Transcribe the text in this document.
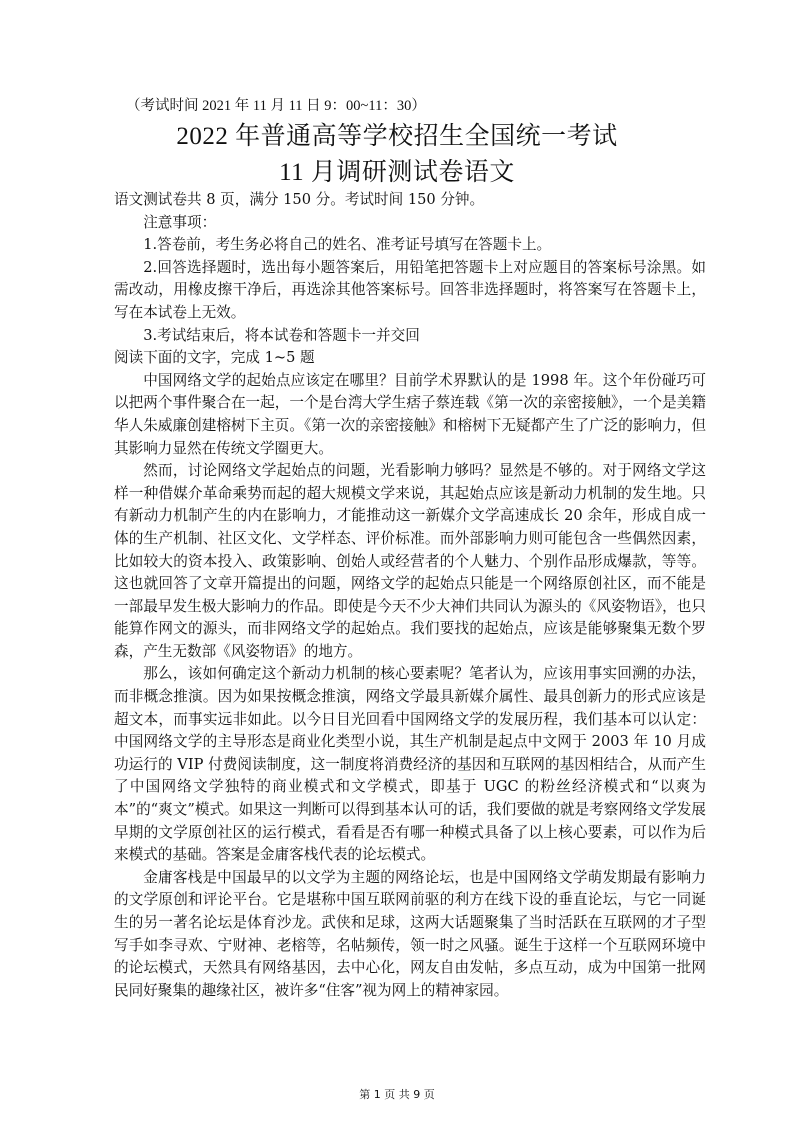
（考试时间 2021 年 11 月 11 日 9：00~11：30）
2022 年普通高等学校招生全国统一考试
11 月调研测试卷语文

语文测试卷共 8 页，满分 150 分。考试时间 150 分钟。

注意事项：

1.答卷前，考生务必将自己的姓名、准考证号填写在答题卡上。

2.回答选择题时，选出每小题答案后，用铅笔把答题卡上对应题目的答案标号涂黑。如需改动，用橡皮擦干净后，再选涂其他答案标号。回答非选择题时，将答案写在答题卡上，写在本试卷上无效。

3.考试结束后，将本试卷和答题卡一并交回

阅读下面的文字，完成 1~5 题

中国网络文学的起始点应该定在哪里？目前学术界默认的是 1998 年。这个年份碰巧可以把两个事件聚合在一起，一个是台湾大学生痞子蔡连载《第一次的亲密接触》，一个是美籍华人朱威廉创建榕树下主页。《第一次的亲密接触》和榕树下无疑都产生了广泛的影响力，但其影响力显然在传统文学圈更大。

然而，讨论网络文学起始点的问题，光看影响力够吗？显然是不够的。对于网络文学这样一种借媒介革命乘势而起的超大规模文学来说，其起始点应该是新动力机制的发生地。只有新动力机制产生的内在影响力，才能推动这一新媒介文学高速成长 20 余年，形成自成一体的生产机制、社区文化、文学样态、评价标准。而外部影响力则可能包含一些偶然因素，比如较大的资本投入、政策影响、创始人或经营者的个人魅力、个别作品形成爆款，等等。这也就回答了文章开篇提出的问题，网络文学的起始点只能是一个网络原创社区，而不能是一部最早发生极大影响力的作品。即使是今天不少大神们共同认为源头的《风姿物语》，也只能算作网文的源头，而非网络文学的起始点。我们要找的起始点，应该是能够聚集无数个罗森，产生无数部《风姿物语》的地方。

那么，该如何确定这个新动力机制的核心要素呢？笔者认为，应该用事实回溯的办法，而非概念推演。因为如果按概念推演，网络文学最具新媒介属性、最具创新力的形式应该是超文本，而事实远非如此。以今日目光回看中国网络文学的发展历程，我们基本可以认定：中国网络文学的主导形态是商业化类型小说，其生产机制是起点中文网于 2003 年 10 月成功运行的 VIP 付费阅读制度，这一制度将消费经济的基因和互联网的基因相结合，从而产生了中国网络文学独特的商业模式和文学模式，即基于 UGC 的粉丝经济模式和“以爽为本”的“爽文”模式。如果这一判断可以得到基本认可的话，我们要做的就是考察网络文学发展早期的文学原创社区的运行模式，看看是否有哪一种模式具备了以上核心要素，可以作为后来模式的基础。答案是金庸客栈代表的论坛模式。

金庸客栈是中国最早的以文学为主题的网络论坛，也是中国网络文学萌发期最有影响力的文学原创和评论平台。它是堪称中国互联网前驱的利方在线下设的垂直论坛，与它一同诞生的另一著名论坛是体育沙龙。武侠和足球，这两大话题聚集了当时活跃在互联网的才子型写手如李寻欢、宁财神、老榕等，名帖频传，领一时之风骚。诞生于这样一个互联网环境中的论坛模式，天然具有网络基因，去中心化，网友自由发帖，多点互动，成为中国第一批网民同好聚集的趣缘社区，被许多“住客”视为网上的精神家园。

第 1 页 共 9 页
